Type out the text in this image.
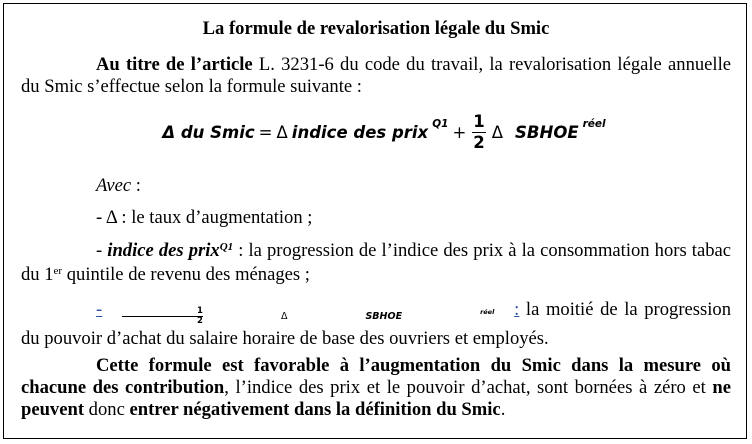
La formule de revalorisation légale du Smic
Au titre de l’article L. 3231-6 du code du travail, la revalorisation légale annuelle du Smic s’effectue selon la formule suivante :
Δ du Smic = Δ indice des prix $Q1 + \frac{1}{2}$ Δ SBHOE réel
Avec :
- Δ : le taux d’augmentation ;
- indice des prix$^{Q1}$ : la progression de l’indice des prix à la consommation hors tabac du 1er quintile de revenu des ménages ;
- $\frac{1}{2}$	Δ	SBHOE	réel : la moitié de la progression du pouvoir d’achat du salaire horaire de base des ouvriers et employés.
Cette formule est favorable à l’augmentation du Smic dans la mesure où chacune des contribution, l’indice des prix et le pouvoir d’achat, sont bornées à zéro et ne peuvent donc entrer négativement dans la définition du Smic.
